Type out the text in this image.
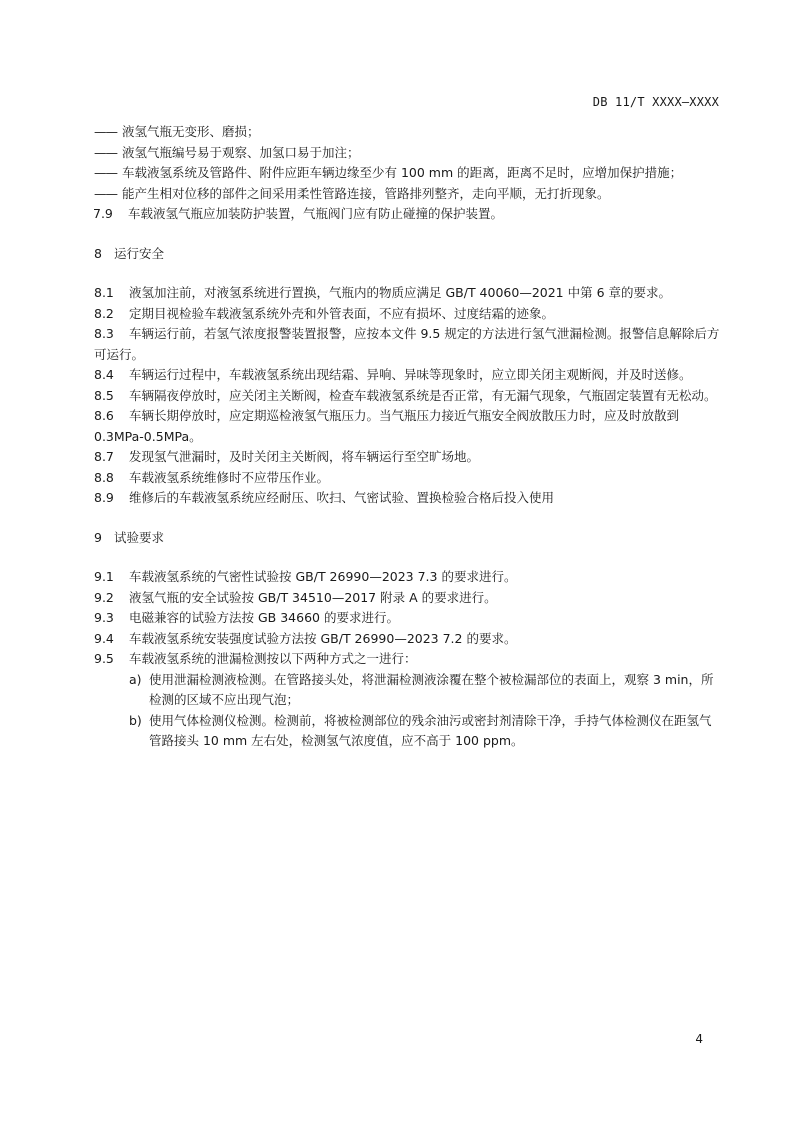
DB 11/T XXXX—XXXX
—— 液氢气瓶无变形、磨损；
—— 液氢气瓶编号易于观察、加氢口易于加注；
—— 车载液氢系统及管路件、附件应距车辆边缘至少有 100 mm 的距离，距离不足时，应增加保护措施；
—— 能产生相对位移的部件之间采用柔性管路连接，管路排列整齐，走向平顺，无打折现象。
7.9 车载液氢气瓶应加装防护装置，气瓶阀门应有防止碰撞的保护装置。
8 运行安全
8.1 液氢加注前，对液氢系统进行置换，气瓶内的物质应满足 GB/T 40060—2021 中第 6 章的要求。
8.2 定期目视检验车载液氢系统外壳和外管表面，不应有损坏、过度结霜的迹象。
8.3 车辆运行前，若氢气浓度报警装置报警，应按本文件 9.5 规定的方法进行氢气泄漏检测。报警信息解除后方可运行。
8.4 车辆运行过程中，车载液氢系统出现结霜、异响、异味等现象时，应立即关闭主观断阀，并及时送修。
8.5 车辆隔夜停放时，应关闭主关断阀，检查车载液氢系统是否正常，有无漏气现象，气瓶固定装置有无松动。
8.6 车辆长期停放时，应定期巡检液氢气瓶压力。当气瓶压力接近气瓶安全阀放散压力时，应及时放散到 0.3MPa-0.5MPa。
8.7 发现氢气泄漏时，及时关闭主关断阀，将车辆运行至空旷场地。
8.8 车载液氢系统维修时不应带压作业。
8.9 维修后的车载液氢系统应经耐压、吹扫、气密试验、置换检验合格后投入使用
9 试验要求
9.1 车载液氢系统的气密性试验按 GB/T 26990—2023 7.3 的要求进行。
9.2 液氢气瓶的安全试验按 GB/T 34510—2017 附录 A 的要求进行。
9.3 电磁兼容的试验方法按 GB 34660 的要求进行。
9.4 车载液氢系统安装强度试验方法按 GB/T 26990—2023 7.2 的要求。
9.5 车载液氢系统的泄漏检测按以下两种方式之一进行：
a) 使用泄漏检测液检测。在管路接头处，将泄漏检测液涂覆在整个被检漏部位的表面上，观察 3 min，所检测的区域不应出现气泡；
b) 使用气体检测仪检测。检测前，将被检测部位的残余油污或密封剂清除干净，手持气体检测仪在距氢气管路接头 10 mm 左右处，检测氢气浓度值，应不高于 100 ppm。
4
